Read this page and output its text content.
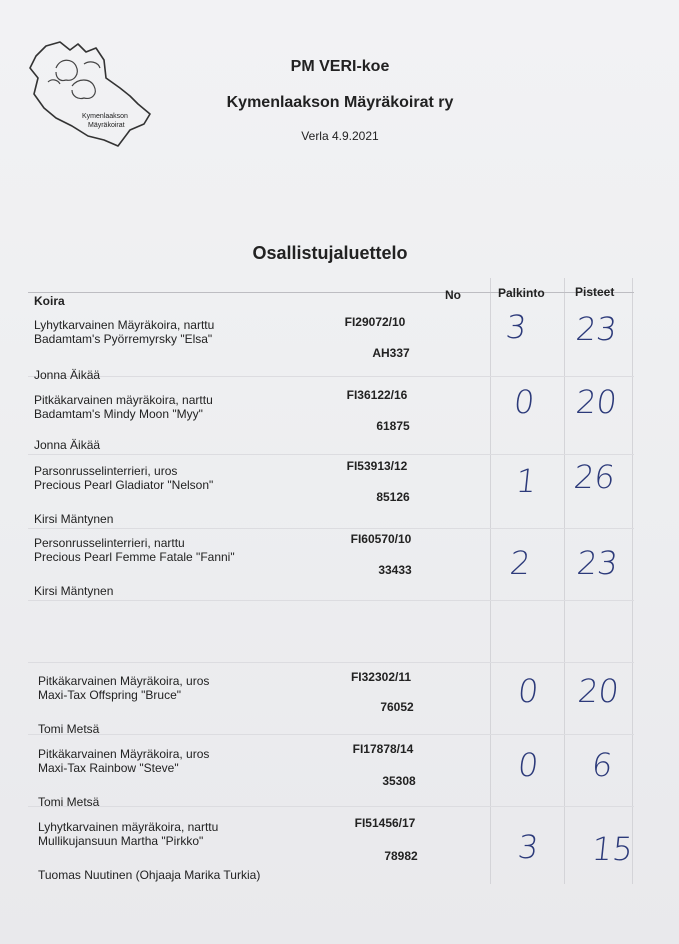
Kymenlaakson
Mäyräkoirat
PM VERI-koe
Kymenlaakson Mäyräkoirat ry
Verla 4.9.2021
Osallistujaluettelo
Koira	No	Palkinto	Pisteet
Lyhytkarvainen Mäyräkoira, narttu
Badamtam's Pyörremyrsky "Elsa"
FI29072/10
AH337
Jonna Äikää
3 23
Pitkäkarvainen mäyräkoira, narttu
Badamtam's Mindy Moon "Myy"
FI36122/16
61875
Jonna Äikää
0 20
Parsonrusselinterrieri, uros
Precious Pearl Gladiator "Nelson"
FI53913/12
85126
Kirsi Mäntynen
1 26
Personrusselinterrieri, narttu
Precious Pearl Femme Fatale "Fanni"
FI60570/10
33433
Kirsi Mäntynen
2 23
Pitkäkarvainen Mäyräkoira, uros
Maxi-Tax Offspring "Bruce"
FI32302/11
76052
Tomi Metsä
0 20
Pitkäkarvainen Mäyräkoira, uros
Maxi-Tax Rainbow "Steve"
FI17878/14
35308
Tomi Metsä
0 6
Lyhytkarvainen mäyräkoira, narttu
Mullikujansuun Martha "Pirkko"
FI51456/17
78982
Tuomas Nuutinen (Ohjaaja Marika Turkia)
3 15
